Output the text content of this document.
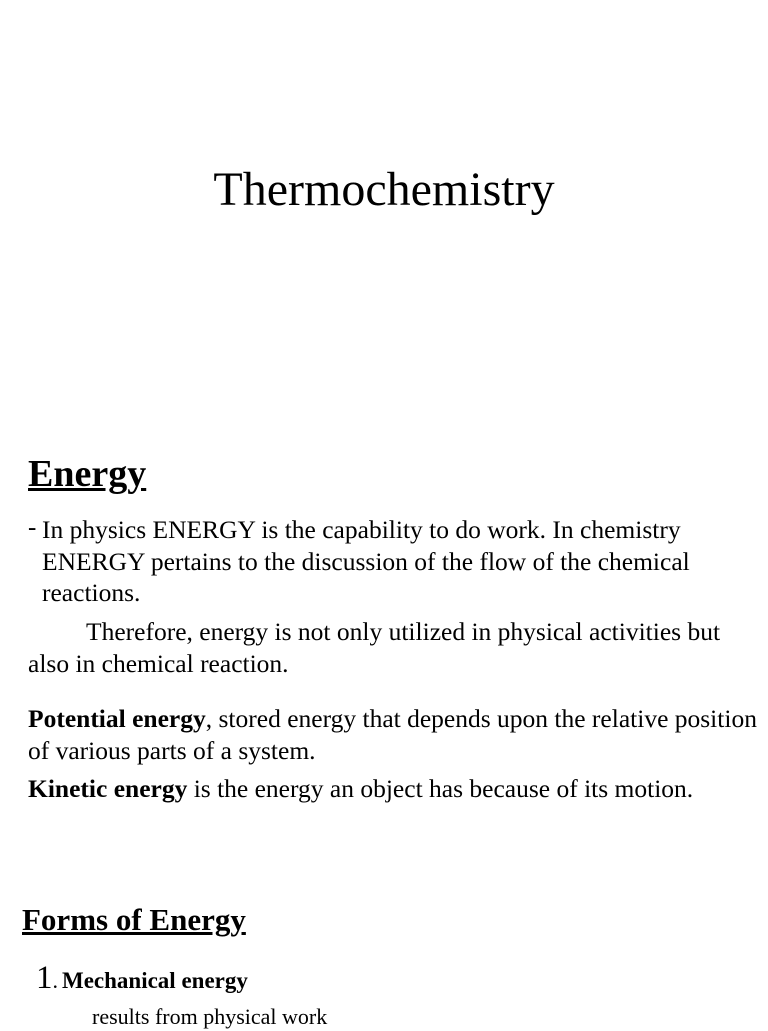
Thermochemistry
Energy
- In physics ENERGY is the capability to do work. In chemistry ENERGY pertains to the discussion of the flow of the chemical reactions.

Therefore, energy is not only utilized in physical activities but also in chemical reaction.

Potential energy, stored energy that depends upon the relative position of various parts of a system.

Kinetic energy is the energy an object has because of its motion.

Forms of Energy
1. Mechanical energy

results from physical work
